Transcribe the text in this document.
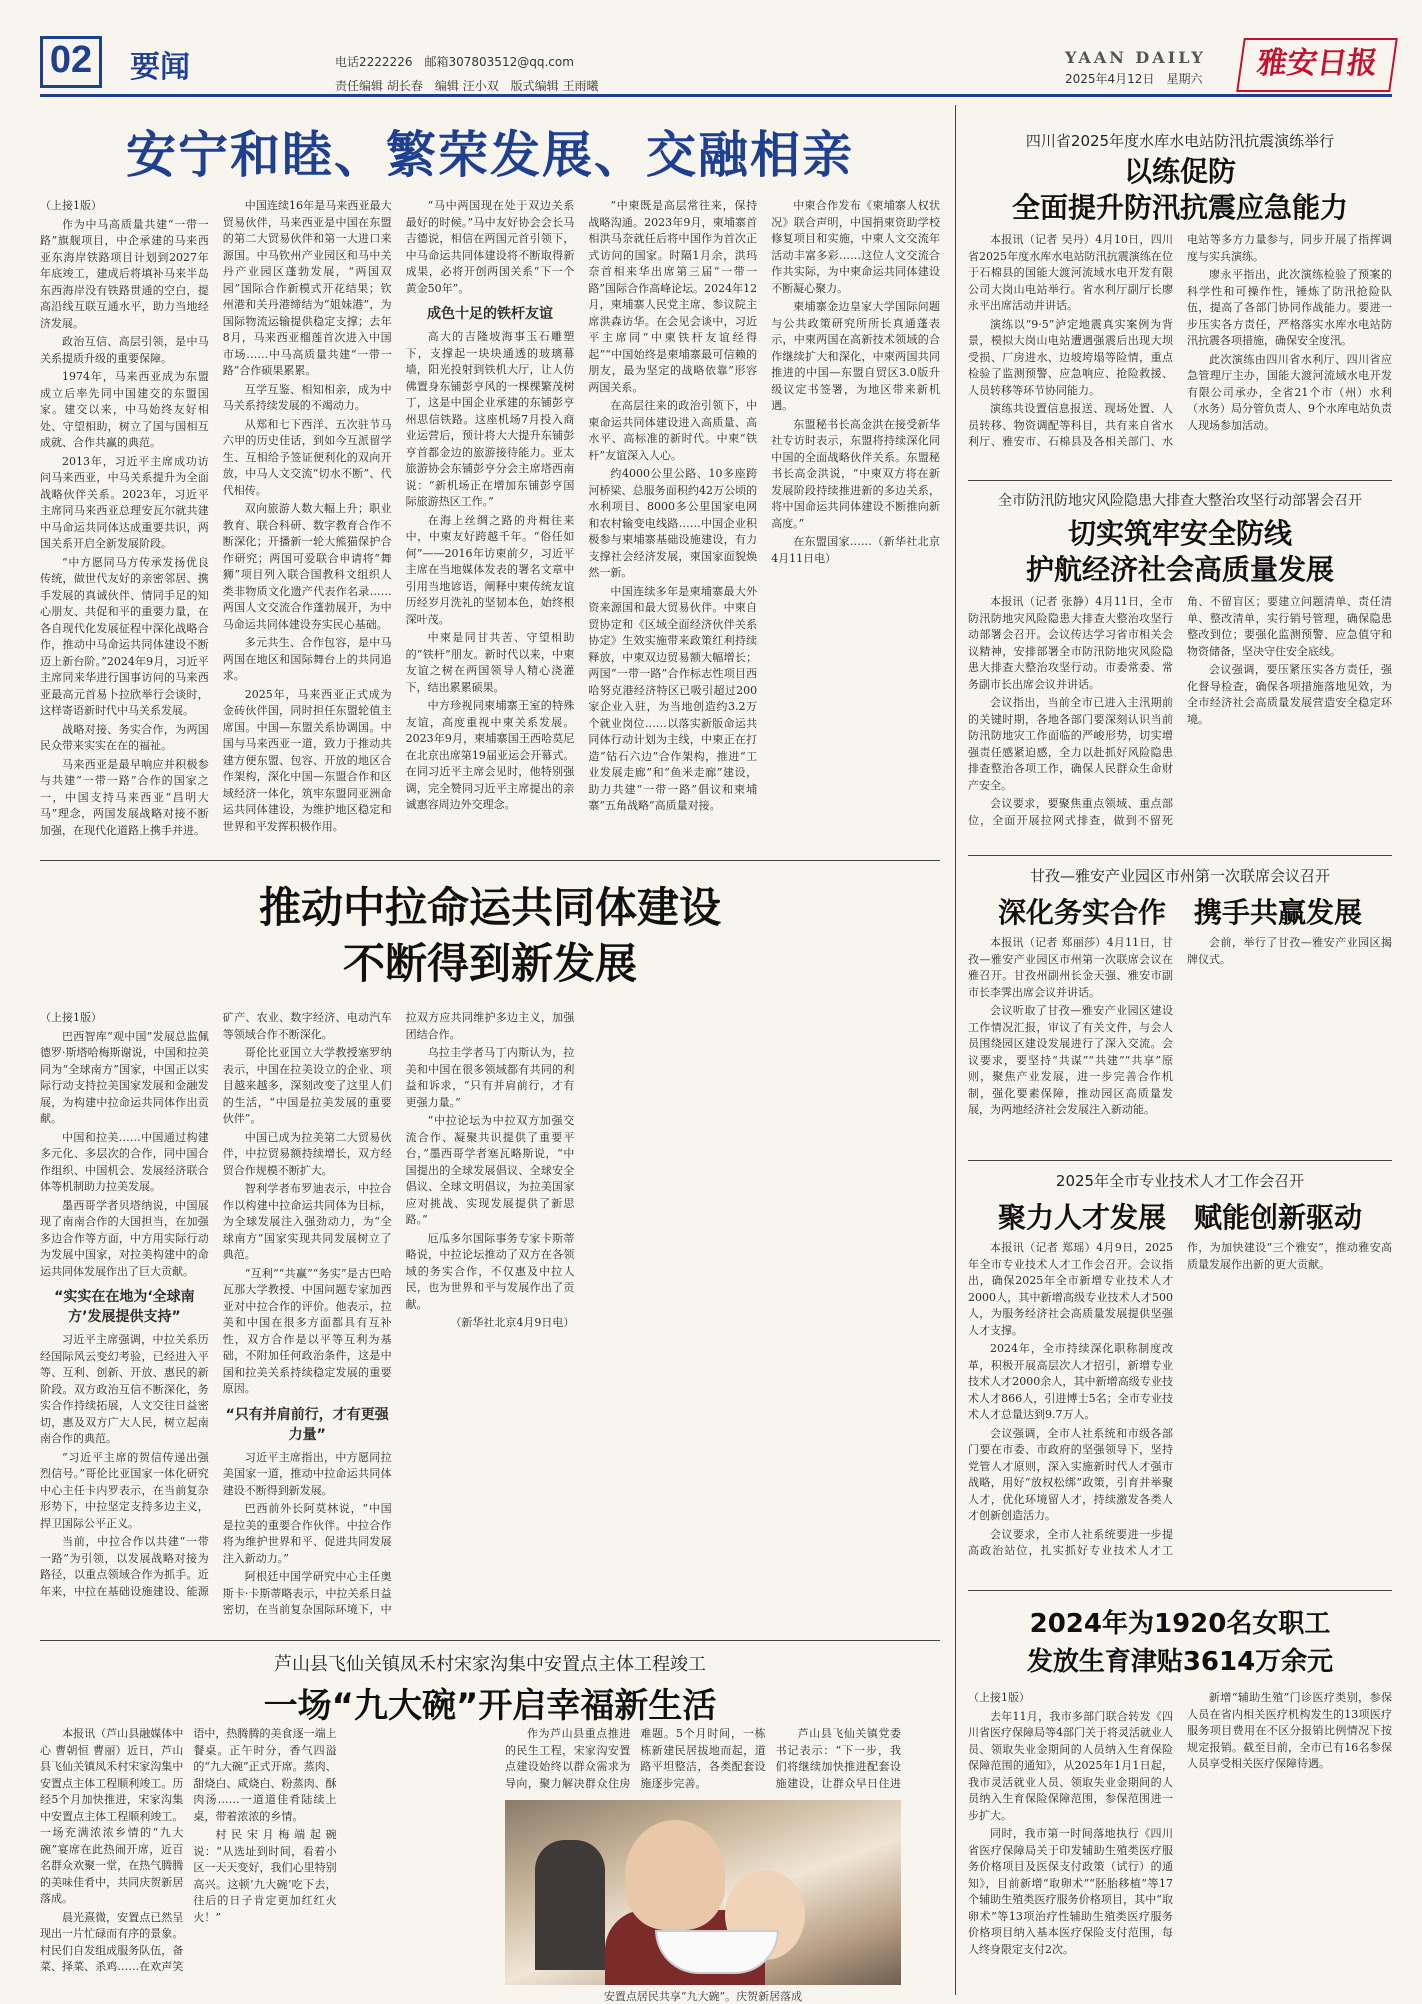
02	要闻	电话2222226　 邮箱307803512@qq.com
责任编辑 胡长春　编辑 汪小双　版式编辑 王雨曦
YAAN DAILY
2025年4月12日　星期六	雅安日报
安宁和睦、繁荣发展、交融相亲

（上接1版）

作为中马高质量共建“一带一路”旗舰项目，中企承建的马来西亚东海岸铁路项目计划到2027年年底竣工，建成后将填补马来半岛东西海岸没有铁路贯通的空白，提高沿线互联互通水平，助力当地经济发展。

政治互信、高层引领，是中马关系提质升级的重要保障。

1974年，马来西亚成为东盟成立后率先同中国建交的东盟国家。建交以来，中马始终友好相处、守望相助，树立了国与国相互成就、合作共赢的典范。

2013年，习近平主席成功访问马来西亚，中马关系提升为全面战略伙伴关系。2023年，习近平主席同马来西亚总理安瓦尔就共建中马命运共同体达成重要共识，两国关系开启全新发展阶段。

“中方愿同马方传承发扬优良传统，做世代友好的亲密邻居、携手发展的真诚伙伴、情同手足的知心朋友、共促和平的重要力量，在各自现代化发展征程中深化战略合作，推动中马命运共同体建设不断迈上新台阶。”2024年9月，习近平主席同来华进行国事访问的马来西亚最高元首易卜拉欣举行会谈时，这样寄语新时代中马关系发展。

战略对接、务实合作，为两国民众带来实实在在的福祉。

马来西亚是最早响应并积极参与共建“一带一路”合作的国家之一，中国支持马来西亚“昌明大马”理念，两国发展战略对接不断加强，在现代化道路上携手并进。

中国连续16年是马来西亚最大贸易伙伴，马来西亚是中国在东盟的第二大贸易伙伴和第一大进口来源国。中马钦州产业园区和马中关丹产业园区蓬勃发展，“两国双园”国际合作新模式开花结果；钦州港和关丹港缔结为“姐妹港”，为国际物流运输提供稳定支撑；去年8月，马来西亚榴莲首次进入中国市场……中马高质量共建“一带一路”合作硕果累累。

互学互鉴、相知相亲，成为中马关系持续发展的不竭动力。

从郑和七下西洋、五次驻节马六甲的历史佳话，到如今互派留学生、互相给予签证便利化的双向开放，中马人文交流“切水不断”、代代相传。

双向旅游人数大幅上升；职业教育、联合科研、数字教育合作不断深化；开播新一轮大熊猫保护合作研究；两国可爱联合申请将“舞狮”项目列入联合国教科文组织人类非物质文化遗产代表作名录……两国人文交流合作蓬勃展开，为中马命运共同体建设夯实民心基础。

多元共生、合作包容，是中马两国在地区和国际舞台上的共同追求。

2025年，马来西亚正式成为金砖伙伴国，同时担任东盟轮值主席国。中国—东盟关系协调国。中国与马来西亚一道，致力于推动共建方便东盟、包容、开放的地区合作架构，深化中国—东盟合作和区域经济一体化，筑牢东盟同亚洲命运共同体建设，为维护地区稳定和世界和平发挥积极作用。

“马中两国现在处于双边关系最好的时候。”马中友好协会会长马吉德说，相信在两国元首引领下，中马命运共同体建设将不断取得新成果，必将开创两国关系“下一个黄金50年”。

成色十足的铁杆友谊

高大的吉隆坡海事玉石雕塑下，支撑起一块块通透的玻璃幕墙，阳光投射到铁机大厅，让人仿佛置身东铺彭亨风的一棵棵繁茂树丁，这是中国企业承建的东铺彭亨州思信铁路。这座机场7月投入商业运营后，预计将大大提升东铺彭亨首都金边的旅游接待能力。亚太旅游协会东铺彭亨分会主席塔西南说：“新机场正在增加东铺彭亨国际旅游热区工作。”

在海上丝绸之路的舟楫往来中，中柬友好跨越千年。“俗任如何”——2016年访柬前夕，习近平主席在当地媒体发表的署名文章中引用当地谚语，阐释中柬传统友谊历经岁月洗礼的坚韧本色，始终根深叶茂。

中柬是同甘共苦、守望相助的“铁杆”朋友。新时代以来，中柬友谊之树在两国领导人精心浇灌下，结出累累硕果。

中方珍视同柬埔寨王室的特殊友谊，高度重视中柬关系发展。2023年9月，柬埔寨国王西哈莫尼在北京出席第19届亚运会开幕式。在同习近平主席会见时，他特别强调，完全赞同习近平主席提出的亲诚惠容周边外交理念。

“中柬既是高层常往来，保持战略沟通。2023年9月，柬埔寨首相洪马奈就任后将中国作为首次正式访问的国家。时隔1月余，洪玛奈首相来华出席第三届“一带一路”国际合作高峰论坛。2024年12月，柬埔寨人民党主席、参议院主席洪森访华。在会见会谈中，习近平主席同“中柬铁杆友谊经得起”“中国始终是柬埔寨最可信赖的朋友，最为坚定的战略依靠”形容两国关系。

在高层往来的政治引领下，中柬命运共同体建设进入高质量、高水平、高标准的新时代。中柬“铁杆”友谊深入人心。

约4000公里公路、10多座跨河桥梁、总服务面积约42万公顷的水利项目、8000多公里国家电网和农村输变电线路……中国企业积极参与柬埔寨基础设施建设，有力支撑社会经济发展，柬国家面貌焕然一新。

中国连续多年是柬埔寨最大外资来源国和最大贸易伙伴。中柬自贸协定和《区域全面经济伙伴关系协定》生效实施带来政策红利持续释放，中柬双边贸易额大幅增长；两国“一带一路”合作标志性项目西哈努克港经济特区已吸引超过200家企业入驻，为当地创造约3.2万个就业岗位……以落实新版命运共同体行动计划为主线，中柬正在打造“钻石六边”合作架构，推进“工业发展走廊”和“鱼米走廊”建设，助力共建“一带一路”倡议和柬埔寨“五角战略”高质量对接。

中柬合作发布《柬埔寨人权状况》联合声明，中国捐柬资助学校修复项目和实施，中柬人文交流年活动丰富多彩……这位人文交流合作共实际，为中柬命运共同体建设不断凝心聚力。

柬埔寨金边皇家大学国际问题与公共政策研究所所长真通蓬表示，中柬两国在高新技术领域的合作继续扩大和深化，中柬两国共同推进的中国—东盟自贸区3.0版升级议定书签署，为地区带来新机遇。

东盟秘书长高金洪在接受新华社专访时表示，东盟将持续深化同中国的全面战略伙伴关系。东盟秘书长高金洪说，“中柬双方将在新发展阶段持续推进新的多边关系，将中国命运共同体建设不断推向新高度。”

在东盟国家……（新华社北京4月11日电）

推动中拉命运共同体建设
不断得到新发展

（上接1版）

巴西智库“观中国”发展总监佩德罗·斯塔哈梅斯谢说，中国和拉美同为“全球南方”国家，中国正以实际行动支持拉美国家发展和金融发展，为构建中拉命运共同体作出贡献。

中国和拉美……中国通过构建多元化、多层次的合作，同中国合作组织、中国机会、发展经济联合体等机制助力拉美发展。

墨西哥学者贝塔纳说，中国展现了南南合作的大国担当，在加强多边合作等方面，中方用实际行动为发展中国家，对拉美构建中的命运共同体发展作出了巨大贡献。

“实实在在地为‘全球南方’发展提供支持”

习近平主席强调，中拉关系历经国际风云变幻考验，已经进入平等、互利、创新、开放、惠民的新阶段。双方政治互信不断深化，务实合作持续拓展，人文交往日益密切，惠及双方广大人民，树立起南南合作的典范。

“习近平主席的贺信传递出强烈信号。”哥伦比亚国家一体化研究中心主任卡内罗表示，在当前复杂形势下，中拉坚定支持多边主义，捍卫国际公平正义。

当前，中拉合作以共建“一带一路”为引领，以发展战略对接为路径，以重点领域合作为抓手。近年来，中拉在基础设施建设、能源矿产、农业、数字经济、电动汽车等领域合作不断深化。

哥伦比亚国立大学教授塞罗纳表示，中国在拉美设立的企业、项目越来越多，深刻改变了这里人们的生活，“中国是拉美发展的重要伙伴”。

中国已成为拉美第二大贸易伙伴，中拉贸易额持续增长，双方经贸合作规模不断扩大。

智利学者布罗迪表示，中拉合作以构建中拉命运共同体为目标，为全球发展注入强劲动力，为“全球南方”国家实现共同发展树立了典范。

“互利”“共赢”“务实”是古巴哈瓦那大学教授、中国问题专家加西亚对中拉合作的评价。他表示，拉美和中国在很多方面都具有互补性，双方合作是以平等互利为基础，不附加任何政治条件，这是中国和拉美关系持续稳定发展的重要原因。

“只有并肩前行，才有更强力量”

习近平主席指出，中方愿同拉美国家一道，推动中拉命运共同体建设不断得到新发展。

巴西前外长阿莫林说，“中国是拉美的重要合作伙伴。中拉合作将为维护世界和平、促进共同发展注入新动力。”

阿根廷中国学研究中心主任奥斯卡·卡斯蒂略表示，中拉关系日益密切，在当前复杂国际环境下，中拉双方应共同维护多边主义，加强团结合作。

乌拉圭学者马丁内斯认为，拉美和中国在很多领域都有共同的利益和诉求，“只有并肩前行，才有更强力量。”

“中拉论坛为中拉双方加强交流合作、凝聚共识提供了重要平台，”墨西哥学者塞瓦略斯说，“中国提出的全球发展倡议、全球安全倡议、全球文明倡议，为拉美国家应对挑战、实现发展提供了新思路。”

厄瓜多尔国际事务专家卡斯蒂略说，中拉论坛推动了双方在各领域的务实合作，不仅惠及中拉人民，也为世界和平与发展作出了贡献。

（新华社北京4月9日电）

芦山县飞仙关镇凤禾村宋家沟集中安置点主体工程竣工
一场“九大碗”开启幸福新生活

本报讯（芦山县融媒体中心 曹朝恒 曹丽）近日，芦山县飞仙关镇凤禾村宋家沟集中安置点主体工程顺利竣工。历经5个月加快推进，宋家沟集中安置点主体工程顺利竣工。一场充满浓浓乡情的“九大碗”宴席在此热闹开席，近百名群众欢聚一堂，在热气腾腾的美味佳肴中，共同庆贺新居落成。

晨光熹微，安置点已然呈现出一片忙碌而有序的景象。村民们自发组成服务队伍，备菜、择菜、杀鸡……在欢声笑语中，热腾腾的美食逐一端上餐桌。正午时分，香气四溢的“九大碗”正式开席。蒸肉、甜烧白、咸烧白、粉蒸肉、酥肉汤……一道道佳肴陆续上桌，带着浓浓的乡情。

村民宋月梅端起碗说：“从选址到时间，看着小区一天天变好，我们心里特别高兴。这顿‘九大碗’吃下去，往后的日子肯定更加红红火火！”

作为芦山县重点推进的民生工程，宋家沟安置点建设始终以群众需求为导向，聚力解决群众住房难题。5个月时间，一栋栋新建民居拔地而起，道路平坦整洁，各类配套设施逐步完善。

芦山县飞仙关镇党委书记表示：“下一步，我们将继续加快推进配套设施建设，让群众早日住进

安置点居民共享“九大碗”。庆贺新居落成
四川省2025年度水库水电站防汛抗震演练举行
以练促防
全面提升防汛抗震应急能力

本报讯（记者 吴丹）4月10日，四川省2025年度水库水电站防汛抗震演练在位于石棉县的国能大渡河流域水电开发有限公司大岗山电站举行。省水利厅副厅长廖永平出席活动并讲话。

演练以“9·5”泸定地震真实案例为背景，模拟大岗山电站遭遇强震后出现大坝受损、厂房进水、边坡垮塌等险情，重点检验了监测预警、应急响应、抢险救援、人员转移等环节协同能力。

演练共设置信息报送、现场处置、人员转移、物资调配等科目，共有来自省水利厅、雅安市、石棉县及各相关部门、水电站等多方力量参与，同步开展了指挥调度与实兵演练。

廖永平指出，此次演练检验了预案的科学性和可操作性，锤炼了防汛抢险队伍，提高了各部门协同作战能力。要进一步压实各方责任，严格落实水库水电站防汛抗震各项措施，确保安全度汛。

此次演练由四川省水利厅、四川省应急管理厅主办，国能大渡河流域水电开发有限公司承办，全省21个市（州）水利（水务）局分管负责人、9个水库电站负责人现场参加活动。

全市防汛防地灾风险隐患大排查大整治攻坚行动部署会召开
切实筑牢安全防线
护航经济社会高质量发展

本报讯（记者 张静）4月11日，全市防汛防地灾风险隐患大排查大整治攻坚行动部署会召开。会议传达学习省市相关会议精神，安排部署全市防汛防地灾风险隐患大排查大整治攻坚行动。市委常委、常务副市长出席会议并讲话。

会议指出，当前全市已进入主汛期前的关键时期，各地各部门要深刻认识当前防汛防地灾工作面临的严峻形势，切实增强责任感紧迫感，全力以赴抓好风险隐患排查整治各项工作，确保人民群众生命财产安全。

会议要求，要聚焦重点领域、重点部位，全面开展拉网式排查，做到不留死角、不留盲区；要建立问题清单、责任清单、整改清单，实行销号管理，确保隐患整改到位；要强化监测预警、应急值守和物资储备，坚决守住安全底线。

会议强调，要压紧压实各方责任，强化督导检查，确保各项措施落地见效，为全市经济社会高质量发展营造安全稳定环境。

甘孜—雅安产业园区市州第一次联席会议召开
深化务实合作　携手共赢发展

本报讯（记者 郑丽莎）4月11日，甘孜—雅安产业园区市州第一次联席会议在雅召开。甘孜州副州长金天强、雅安市副市长李霁出席会议并讲话。

会议听取了甘孜—雅安产业园区建设工作情况汇报，审议了有关文件，与会人员围绕园区建设发展进行了深入交流。会议要求，要坚持“共谋”“共建”“共享”原则，聚焦产业发展，进一步完善合作机制，强化要素保障，推动园区高质量发展，为两地经济社会发展注入新动能。

会前，举行了甘孜—雅安产业园区揭牌仪式。

2025年全市专业技术人才工作会召开
聚力人才发展　赋能创新驱动

本报讯（记者 郑瑶）4月9日，2025年全市专业技术人才工作会召开。会议指出，确保2025年全市新增专业技术人才2000人，其中新增高级专业技术人才500人，为服务经济社会高质量发展提供坚强人才支撑。

2024年，全市持续深化职称制度改革，积极开展高层次人才招引，新增专业技术人才2000余人，其中新增高级专业技术人才866人，引进博士5名；全市专业技术人才总量达到9.7万人。

会议强调，全市人社系统和市级各部门要在市委、市政府的坚强领导下，坚持党管人才原则，深入实施新时代人才强市战略，用好“放权松绑”政策，引育并举聚人才，优化环境留人才，持续激发各类人才创新创造活力。

会议要求，全市人社系统要进一步提高政治站位，扎实抓好专业技术人才工作，为加快建设“三个雅安”，推动雅安高质量发展作出新的更大贡献。

2024年为1920名女职工
发放生育津贴3614万余元

（上接1版）

去年11月，我市多部门联合转发《四川省医疗保障局等4部门关于将灵活就业人员、领取失业金期间的人员纳入生育保险保障范围的通知》，从2025年1月1日起，我市灵活就业人员、领取失业金期间的人员纳入生育保险保障范围，参保范围进一步扩大。

同时，我市第一时间落地执行《四川省医疗保障局关于印发辅助生殖类医疗服务价格项目及医保支付政策（试行）的通知》，目前新增“取卵术”“胚胎移植”等17个辅助生殖类医疗服务价格项目，其中“取卵术”等13项治疗性辅助生殖类医疗服务价格项目纳入基本医疗保险支付范围，每人终身限定支付2次。

新增“辅助生殖”门诊医疗类别，参保人员在省内相关医疗机构发生的13项医疗服务项目费用在不区分报销比例情况下按规定报销。截至目前，全市已有16名参保人员享受相关医疗保障待遇。
